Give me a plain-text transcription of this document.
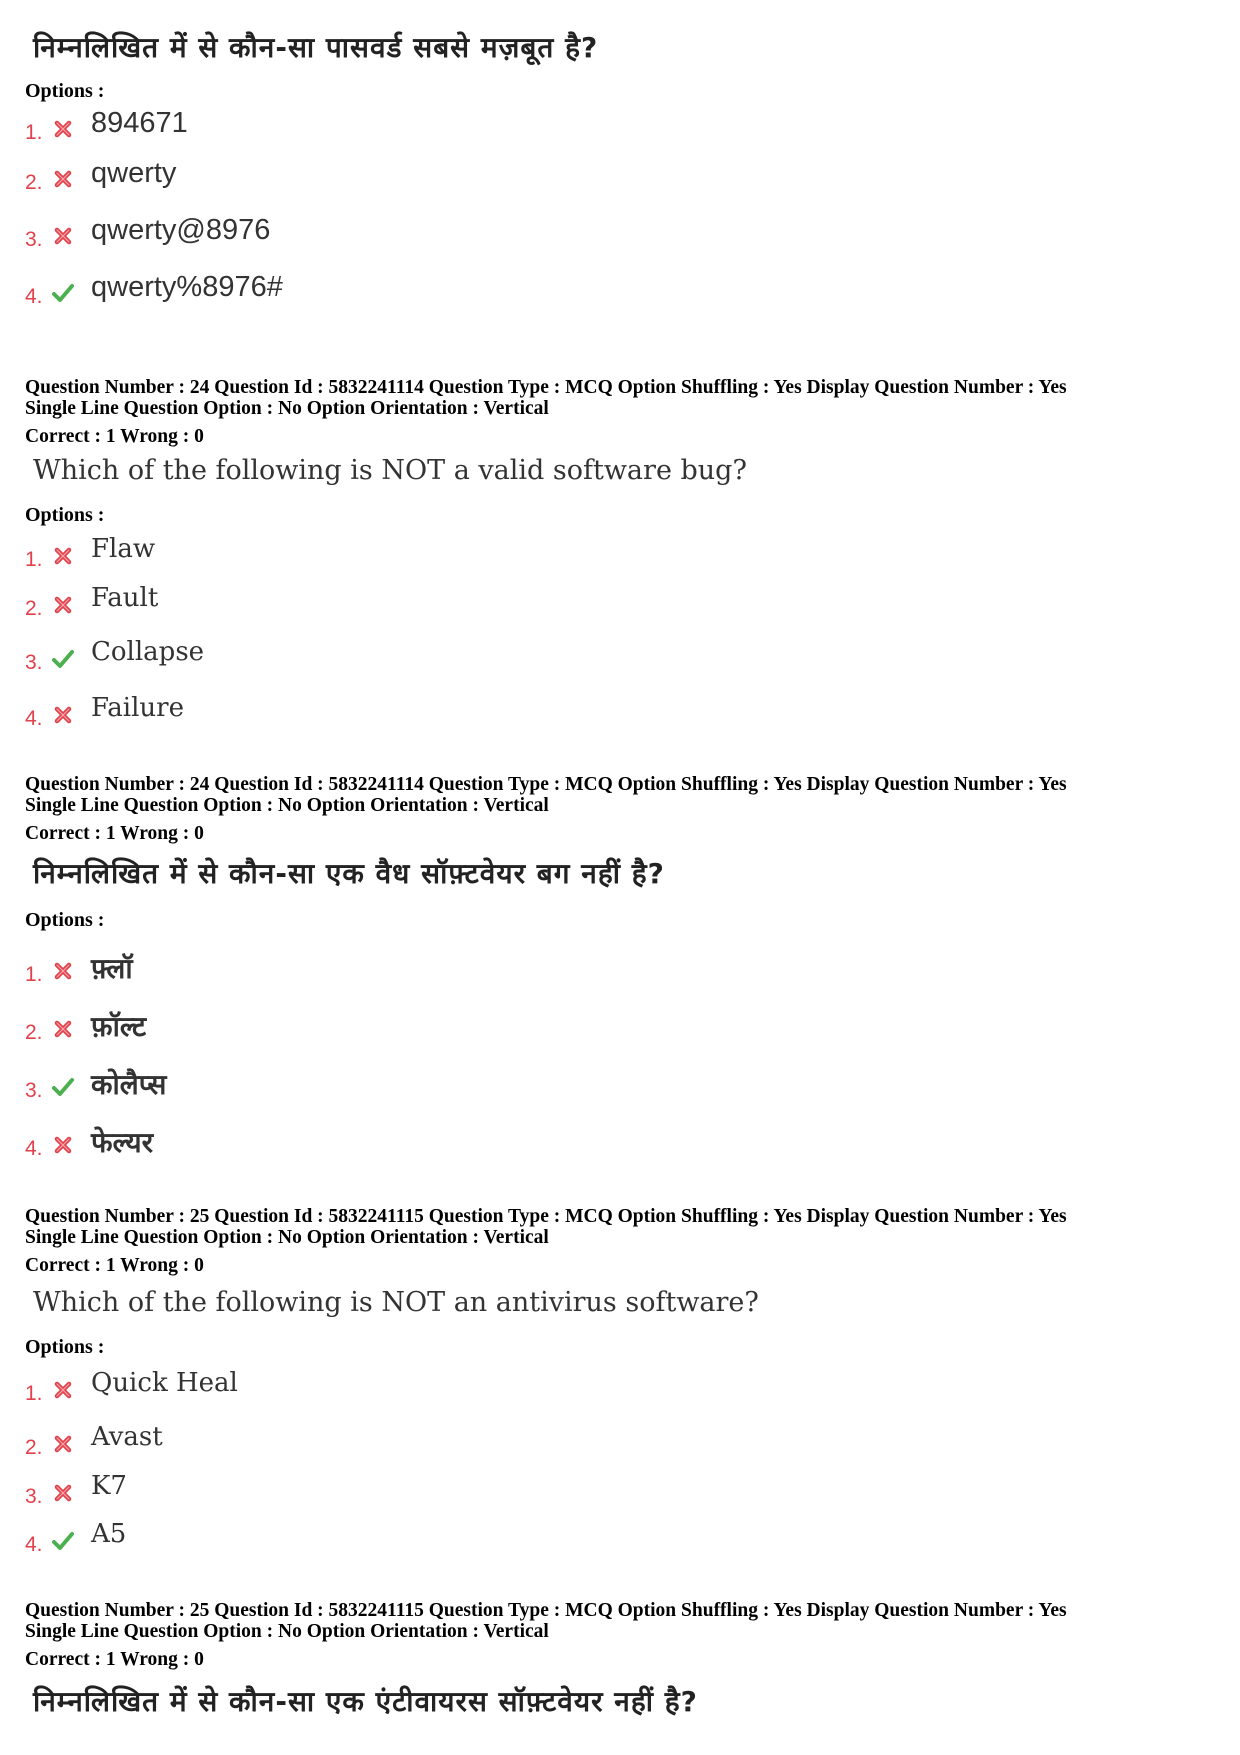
निम्नलिखित में से कौन-सा पासवर्ड सबसे मज़बूत है?
Options :
1. 894671
2. qwerty
3. qwerty@8976
4. qwerty%8976#
Question Number : 24 Question Id : 5832241114 Question Type : MCQ Option Shuffling : Yes Display Question Number : Yes
Single Line Question Option : No Option Orientation : Vertical
Correct : 1 Wrong : 0
Which of the following is NOT a valid software bug?
Options :
1. Flaw
2. Fault
3. Collapse
4. Failure
Question Number : 24 Question Id : 5832241114 Question Type : MCQ Option Shuffling : Yes Display Question Number : Yes
Single Line Question Option : No Option Orientation : Vertical
Correct : 1 Wrong : 0
निम्नलिखित में से कौन-सा एक वैध सॉफ़्टवेयर बग नहीं है?
Options :
1. फ़्लॉ
2. फ़ॉल्ट
3. कोलैप्स
4. फेल्यर
Question Number : 25 Question Id : 5832241115 Question Type : MCQ Option Shuffling : Yes Display Question Number : Yes
Single Line Question Option : No Option Orientation : Vertical
Correct : 1 Wrong : 0
Which of the following is NOT an antivirus software?
Options :
1. Quick Heal
2. Avast
3. K7
4. A5
Question Number : 25 Question Id : 5832241115 Question Type : MCQ Option Shuffling : Yes Display Question Number : Yes
Single Line Question Option : No Option Orientation : Vertical
Correct : 1 Wrong : 0
निम्नलिखित में से कौन-सा एक एंटीवायरस सॉफ़्टवेयर नहीं है?
